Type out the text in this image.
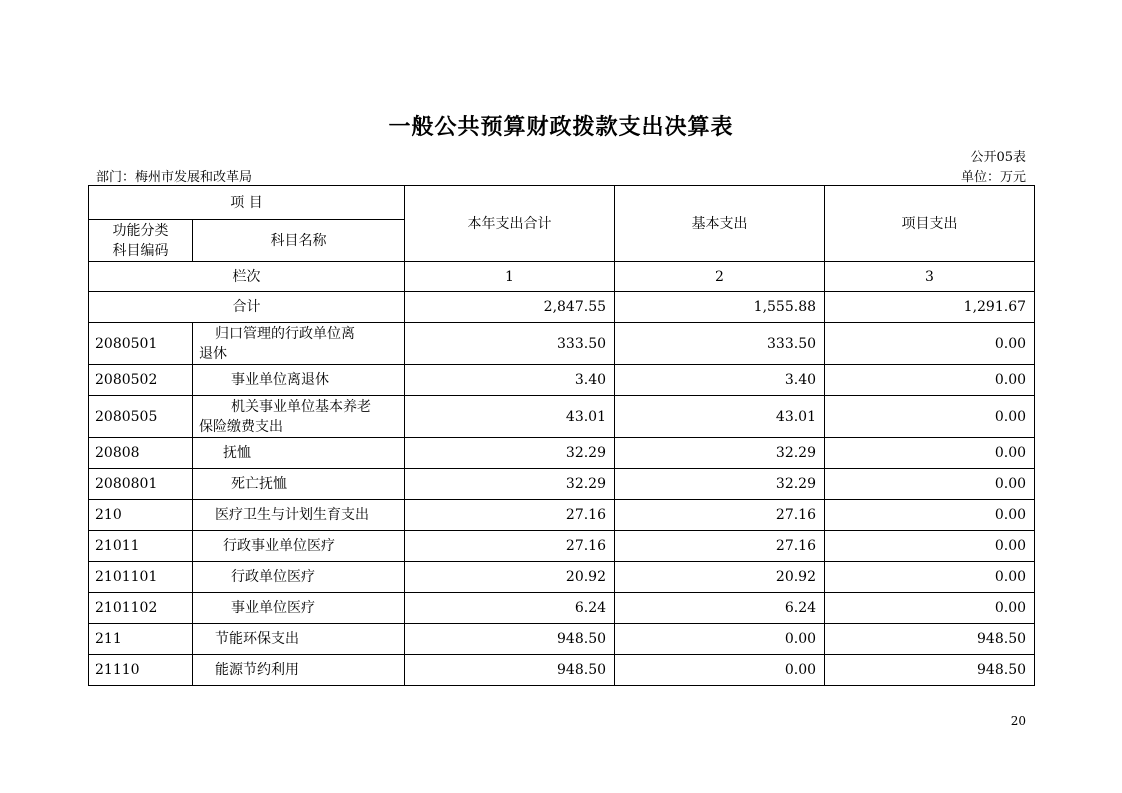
一般公共预算财政拨款支出决算表
公开05表
部门：梅州市发展和改革局	单位：万元
项 目		本年支出合计	基本支出	项目支出

功能分类
科目编码	科目名称			
栏次		1	2	3
合计		2,847.55	1,555.88	1,291.67
2080501	归口管理的行政单位离
退休	333.50	333.50	0.00
2080502	事业单位离退休	3.40	3.40	0.00
2080505	机关事业单位基本养老
保险缴费支出	43.01	43.01	0.00
20808	抚恤	32.29	32.29	0.00
2080801	死亡抚恤	32.29	32.29	0.00
210	医疗卫生与计划生育支出	27.16	27.16	0.00
21011	行政事业单位医疗	27.16	27.16	0.00
2101101	行政单位医疗	20.92	20.92	0.00
2101102	事业单位医疗	6.24	6.24	0.00
211	节能环保支出	948.50	0.00	948.50
21110	能源节约利用	948.50	0.00	948.50
20
